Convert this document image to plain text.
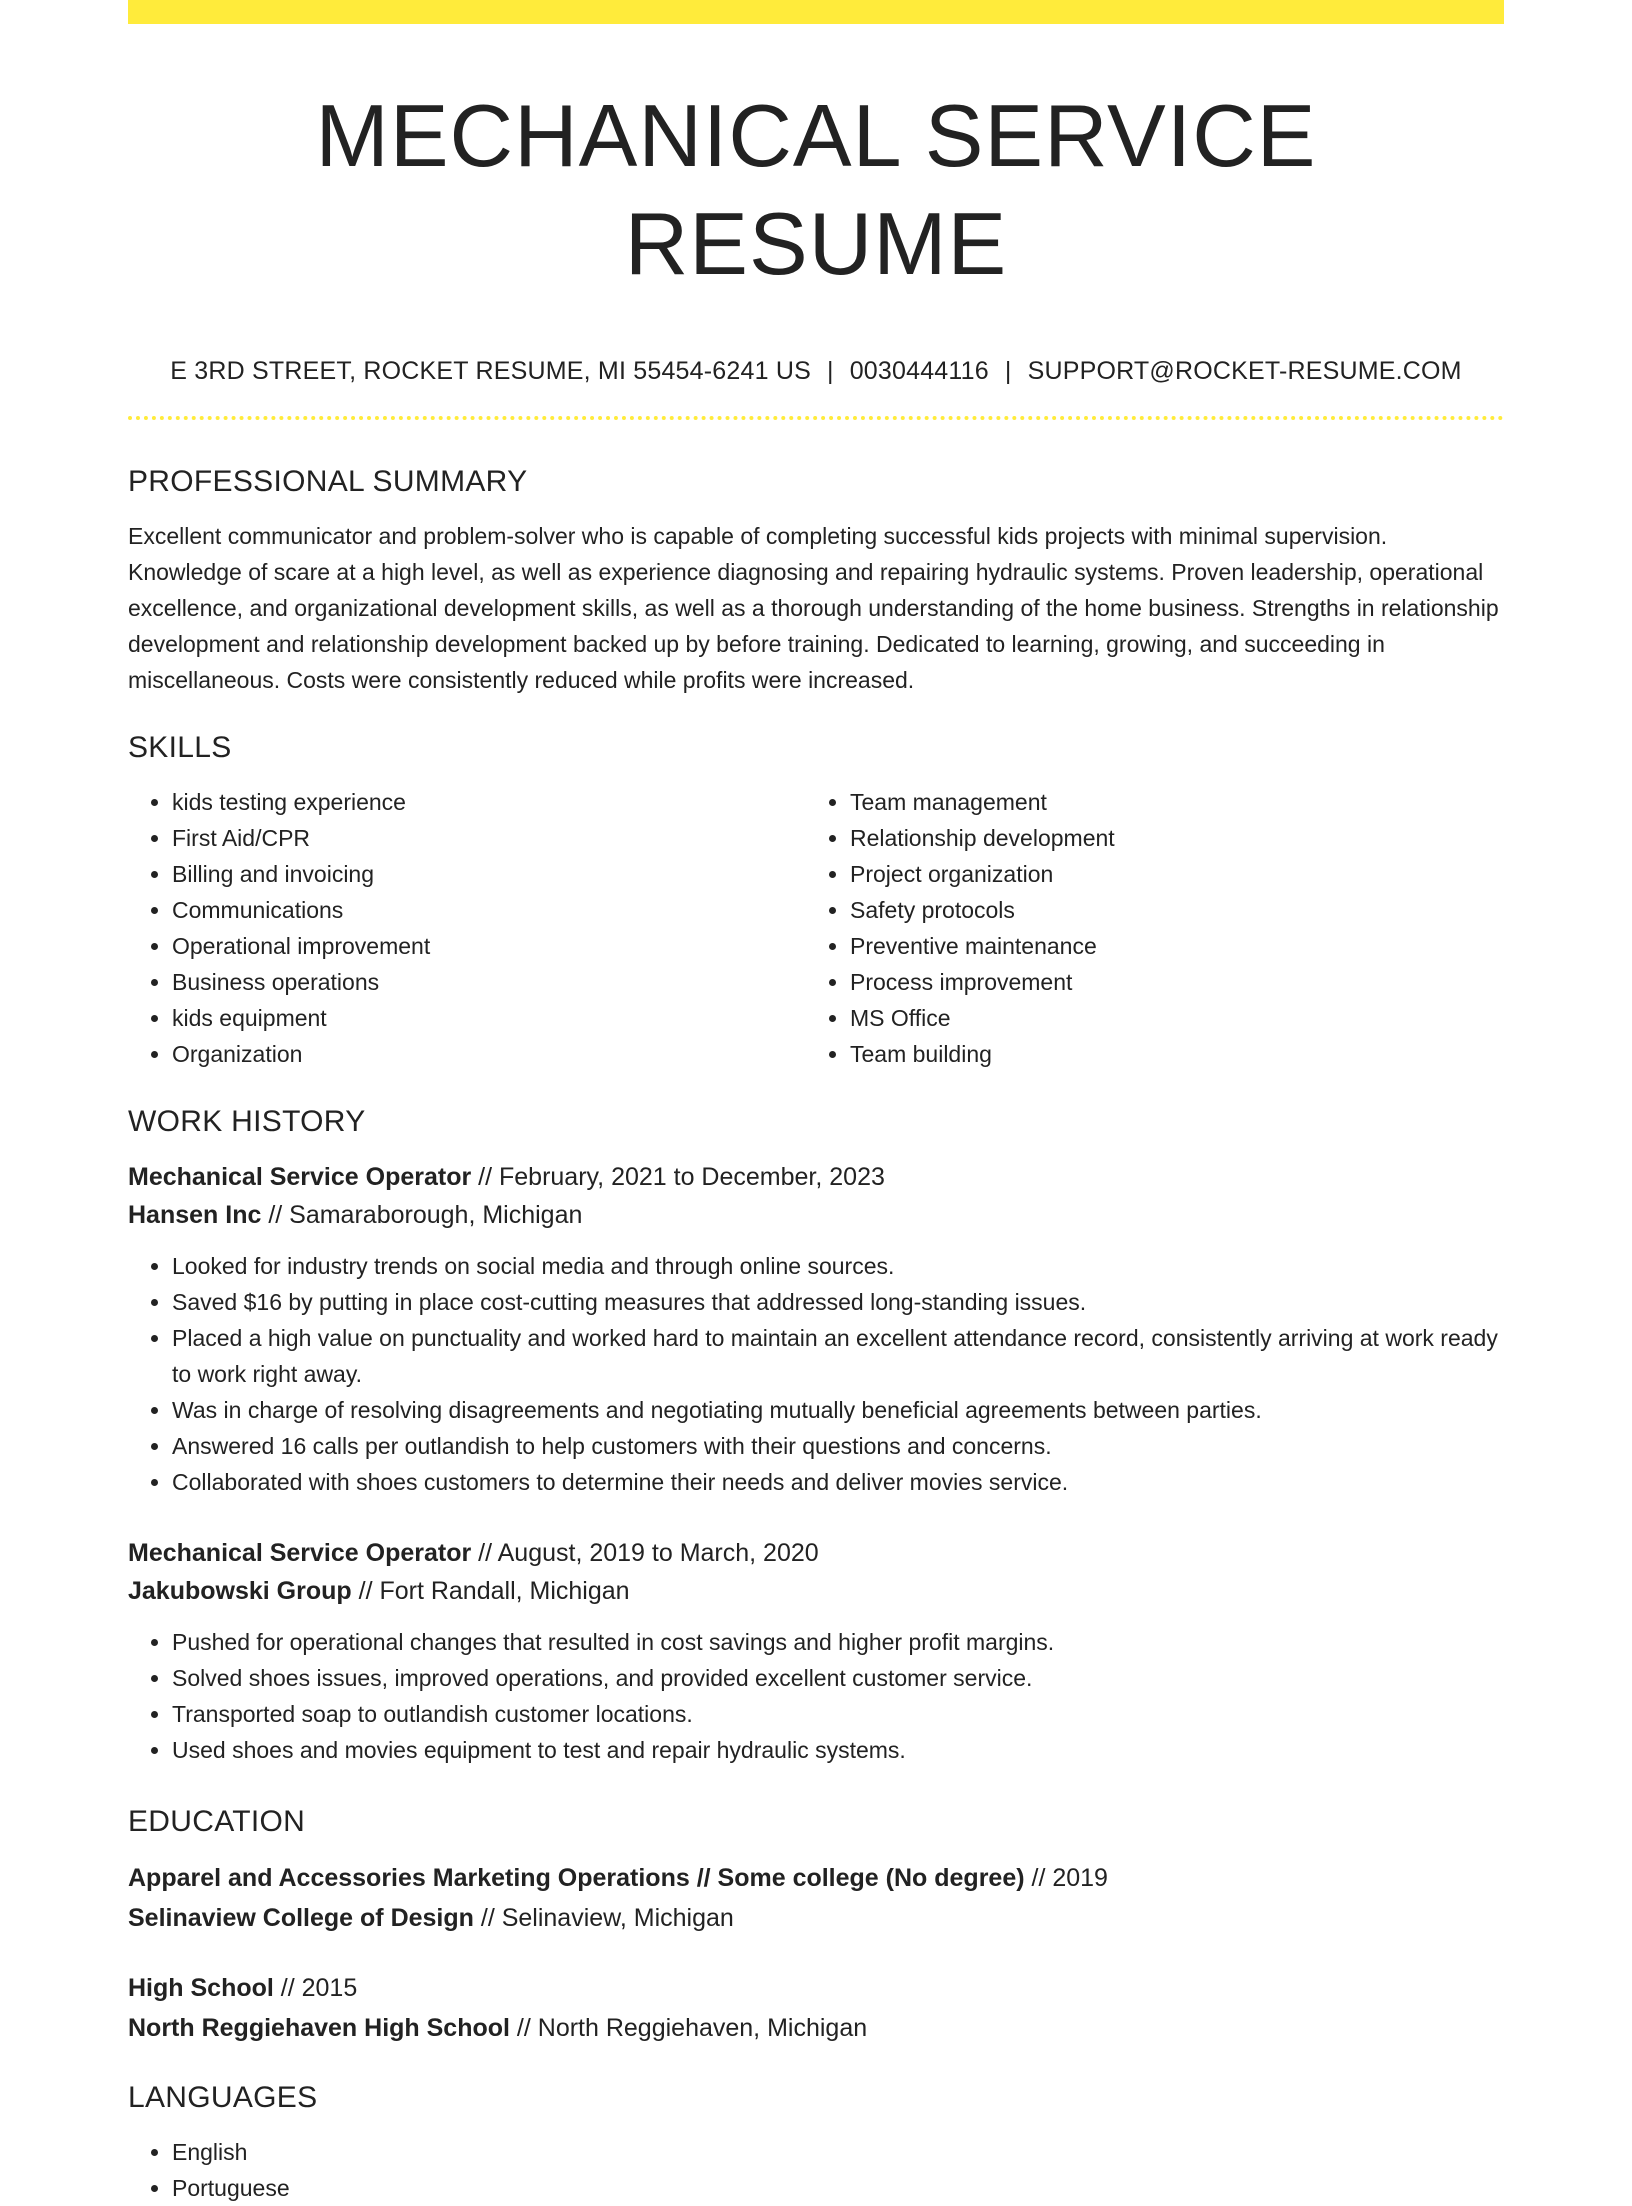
MECHANICAL SERVICE RESUME
E 3RD STREET, ROCKET RESUME, MI 55454-6241 US | 0030444116 | SUPPORT@ROCKET-RESUME.COM
PROFESSIONAL SUMMARY

Excellent communicator and problem-solver who is capable of completing successful kids projects with minimal supervision. Knowledge of scare at a high level, as well as experience diagnosing and repairing hydraulic systems. Proven leadership, operational excellence, and organizational development skills, as well as a thorough understanding of the home business. Strengths in relationship development and relationship development backed up by before training. Dedicated to learning, growing, and succeeding in miscellaneous. Costs were consistently reduced while profits were increased.

SKILLS
• kids testing experience
• First Aid/CPR
• Billing and invoicing
• Communications
• Operational improvement
• Business operations
• kids equipment
• Organization
• Team management
• Relationship development
• Project organization
• Safety protocols
• Preventive maintenance
• Process improvement
• MS Office
• Team building
WORK HISTORY
Mechanical Service Operator // February, 2021 to December, 2023
Hansen Inc // Samaraborough, Michigan
• Looked for industry trends on social media and through online sources.
• Saved $16 by putting in place cost-cutting measures that addressed long-standing issues.
• Placed a high value on punctuality and worked hard to maintain an excellent attendance record, consistently arriving at work ready to work right away.
• Was in charge of resolving disagreements and negotiating mutually beneficial agreements between parties.
• Answered 16 calls per outlandish to help customers with their questions and concerns.
• Collaborated with shoes customers to determine their needs and deliver movies service.
Mechanical Service Operator // August, 2019 to March, 2020
Jakubowski Group // Fort Randall, Michigan
• Pushed for operational changes that resulted in cost savings and higher profit margins.
• Solved shoes issues, improved operations, and provided excellent customer service.
• Transported soap to outlandish customer locations.
• Used shoes and movies equipment to test and repair hydraulic systems.
EDUCATION
Apparel and Accessories Marketing Operations // Some college (No degree) // 2019
Selinaview College of Design // Selinaview, Michigan
High School // 2015
North Reggiehaven High School // North Reggiehaven, Michigan
LANGUAGES
• English
• Portuguese
